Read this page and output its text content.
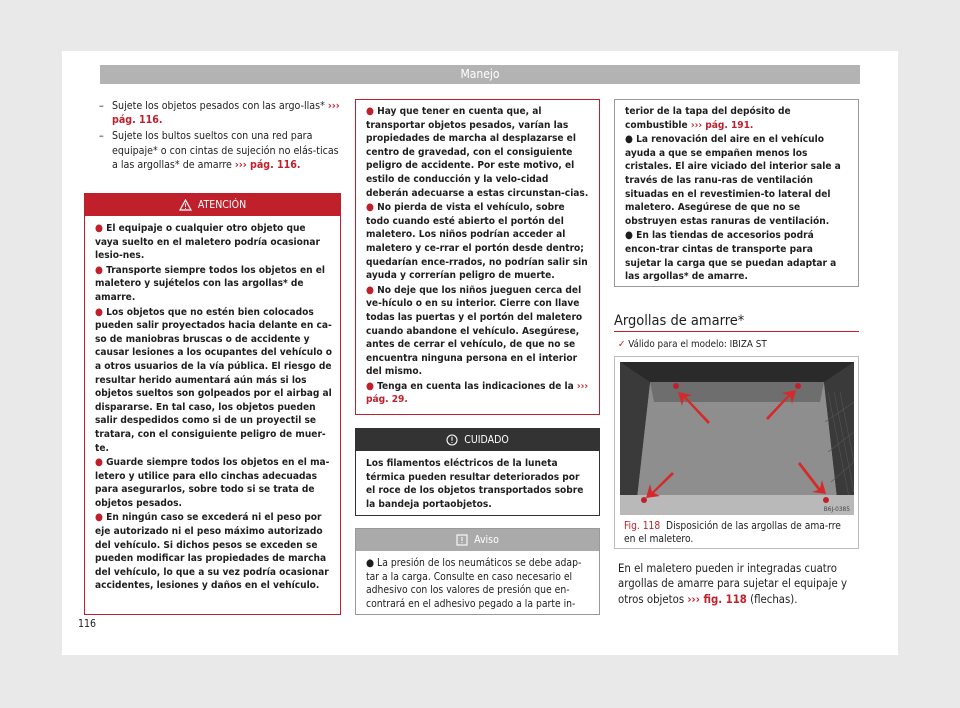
Manejo
– Sujete los objetos pesados con las argo-llas* ››› pág. 116.
– Sujete los bultos sueltos con una red para equipaje* o con cintas de sujeción no elás-ticas a las argollas* de amarre ››› pág. 116.
ATENCIÓN
● El equipaje o cualquier otro objeto que vaya suelto en el maletero podría ocasionar lesio-nes.
● Transporte siempre todos los objetos en el maletero y sujételos con las argollas* de amarre.
● Los objetos que no estén bien colocados pueden salir proyectados hacia delante en ca-so de maniobras bruscas o de accidente y causar lesiones a los ocupantes del vehículo o a otros usuarios de la vía pública. El riesgo de resultar herido aumentará aún más si los objetos sueltos son golpeados por el airbag al dispararse. En tal caso, los objetos pueden salir despedidos como si de un proyectil se tratara, con el consiguiente peligro de muer-te.
● Guarde siempre todos los objetos en el ma-letero y utilice para ello cinchas adecuadas para asegurarlos, sobre todo si se trata de objetos pesados.
● En ningún caso se excederá ni el peso por eje autorizado ni el peso máximo autorizado del vehículo. Si dichos pesos se exceden se pueden modificar las propiedades de marcha del vehículo, lo que a su vez podría ocasionar accidentes, lesiones y daños en el vehículo.
● Hay que tener en cuenta que, al transportar objetos pesados, varían las propiedades de marcha al desplazarse el centro de gravedad, con el consiguiente peligro de accidente. Por este motivo, el estilo de conducción y la velo-cidad deberán adecuarse a estas circunstan-cias.
● No pierda de vista el vehículo, sobre todo cuando esté abierto el portón del maletero. Los niños podrían acceder al maletero y ce-rrar el portón desde dentro; quedarían ence-rrados, no podrían salir sin ayuda y correrían peligro de muerte.
● No deje que los niños jueguen cerca del ve-hículo o en su interior. Cierre con llave todas las puertas y el portón del maletero cuando abandone el vehículo. Asegúrese, antes de cerrar el vehículo, de que no se encuentra ninguna persona en el interior del mismo.
● Tenga en cuenta las indicaciones de la ››› pág. 29.
CUIDADO
Los filamentos eléctricos de la luneta térmica pueden resultar deteriorados por el roce de los objetos transportados sobre la bandeja portaobjetos.
Aviso
● La presión de los neumáticos se debe adap-tar a la carga. Consulte en caso necesario el adhesivo con los valores de presión que en-contrará en el adhesivo pegado a la parte in-
terior de la tapa del depósito de combustible ››› pág. 191.
● La renovación del aire en el vehículo ayuda a que se empañen menos los cristales. El aire viciado del interior sale a través de las ranu-ras de ventilación situadas en el revestimien-to lateral del maletero. Asegúrese de que no se obstruyen estas ranuras de ventilación.
● En las tiendas de accesorios podrá encon-trar cintas de transporte para sujetar la carga que se puedan adaptar a las argollas* de amarre.
Argollas de amarre*
✓ Válido para el modelo: IBIZA ST
B6J-0385
Fig. 118 Disposición de las argollas de ama-rre en el maletero.
En el maletero pueden ir integradas cuatro argollas de amarre para sujetar el equipaje y otros objetos ››› fig. 118 (flechas).
116
